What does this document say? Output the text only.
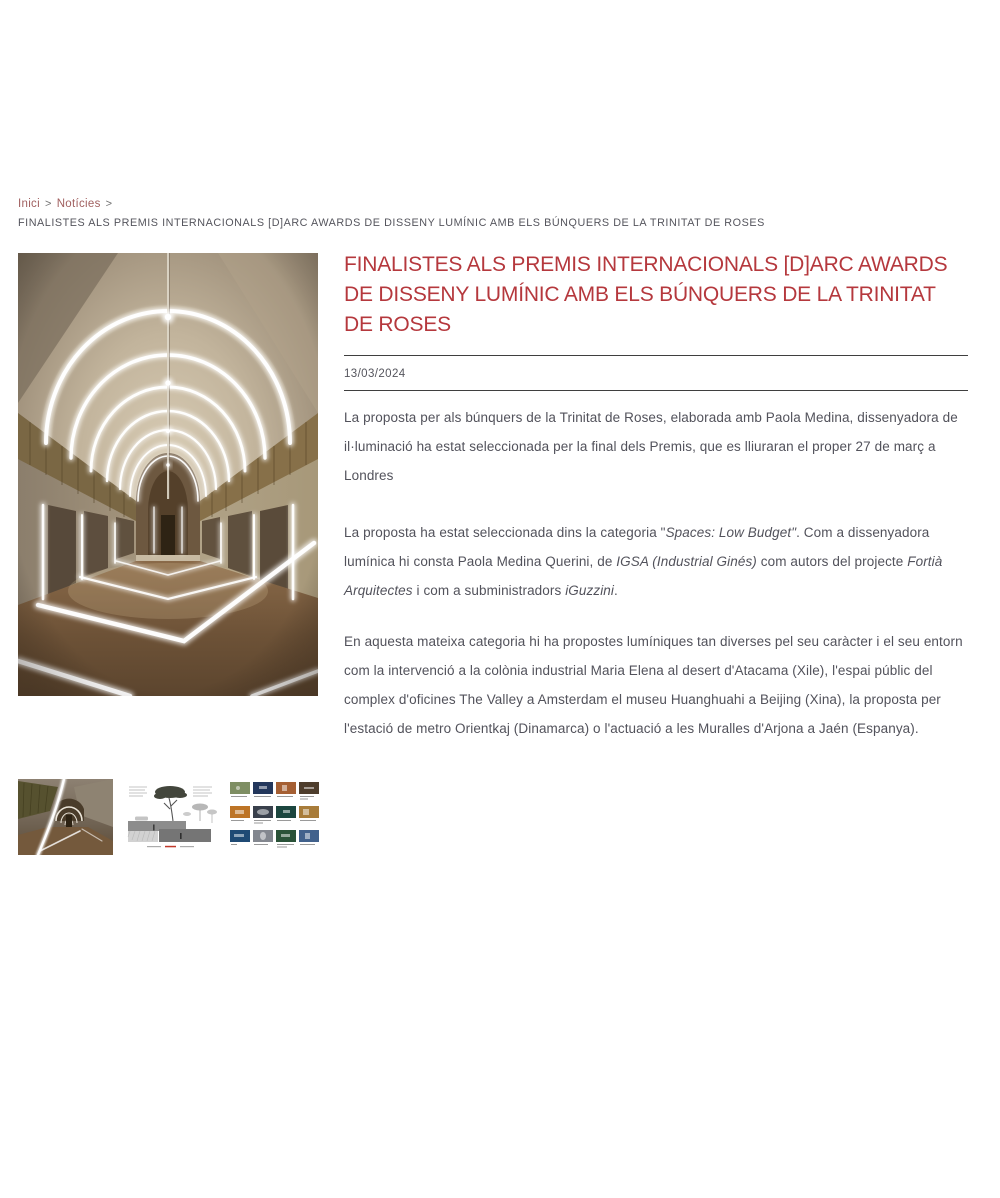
Inici > Notícies >
FINALISTES ALS PREMIS INTERNACIONALS [D]ARC AWARDS DE DISSENY LUMÍNIC AMB ELS BÚNQUERS DE LA TRINITAT DE ROSES
FINALISTES ALS PREMIS INTERNACIONALS [D]ARC AWARDS DE DISSENY LUMÍNIC AMB ELS BÚNQUERS DE LA TRINITAT DE ROSES
13/03/2024

La proposta per als búnquers de la Trinitat de Roses, elaborada amb Paola Medina, dissenyadora de il·luminació ha estat seleccionada per la final dels Premis, que es lliuraran el proper 27 de març a Londres

La proposta ha estat seleccionada dins la categoria "Spaces: Low Budget". Com a dissenyadora lumínica hi consta Paola Medina Querini, de IGSA (Industrial Ginés) com autors del projecte Fortià Arquitectes i com a subministradors iGuzzini.

En aquesta mateixa categoria hi ha propostes lumíniques tan diverses pel seu caràcter i el seu entorn com la intervenció a la colònia industrial Maria Elena al desert d'Atacama (Xile), l'espai públic del complex d'oficines The Valley a Amsterdam el museu Huanghuahi a Beijing (Xina), la proposta per l'estació de metro Orientkaj (Dinamarca) o l'actuació a les Muralles d'Arjona a Jaén (Espanya).
